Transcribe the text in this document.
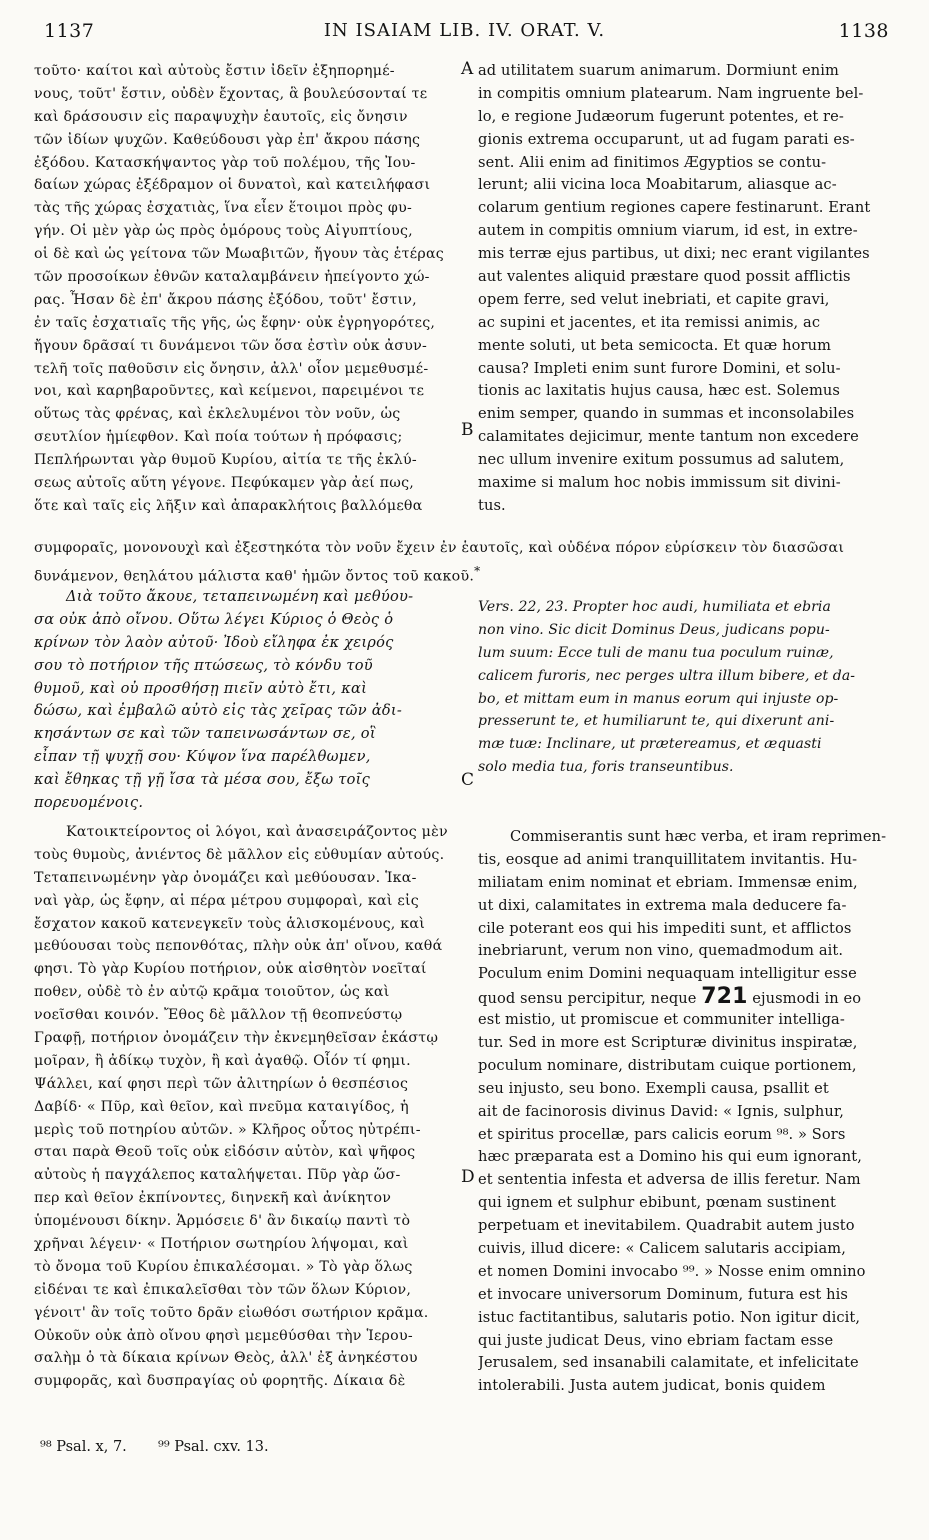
1137	IN ISAIAM LIB. IV. ORAT. V.	1138
A
B
C
D
τοῦτο· καίτοι καὶ αὐτοὺς ἔστιν ἰδεῖν ἐξηπορημέ-
νους, τοῦτ' ἔστιν, οὐδὲν ἔχοντας, ἃ βουλεύσονταί τε
καὶ δράσουσιν εἰς παραψυχὴν ἑαυτοῖς, εἰς ὄνησιν
τῶν ἰδίων ψυχῶν. Καθεύδουσι γὰρ ἐπ' ἄκρου πάσης
ἐξόδου. Κατασκήψαντος γὰρ τοῦ πολέμου, τῆς Ἰου-
δαίων χώρας ἐξέδραμον οἱ δυνατοὶ, καὶ κατειλήφασι
τὰς τῆς χώρας ἐσχατιὰς, ἵνα εἶεν ἕτοιμοι πρὸς φυ-
γήν. Οἱ μὲν γὰρ ὡς πρὸς ὁμόρους τοὺς Αἰγυπτίους,
οἱ δὲ καὶ ὡς γείτονα τῶν Μωαβιτῶν, ἤγουν τὰς ἑτέρας
τῶν προσοίκων ἐθνῶν καταλαμβάνειν ἠπείγοντο χώ-
ρας. Ἦσαν δὲ ἐπ' ἄκρου πάσης ἐξόδου, τοῦτ' ἔστιν,
ἐν ταῖς ἐσχατιαῖς τῆς γῆς, ὡς ἔφην· οὐκ ἐγρηγορότες,
ἤγουν δρᾶσαί τι δυνάμενοι τῶν ὅσα ἐστὶν οὐκ ἀσυν-
τελῆ τοῖς παθοῦσιν εἰς ὄνησιν, ἀλλ' οἷον μεμεθυσμέ-
νοι, καὶ καρηβαροῦντες, καὶ κείμενοι, παρειμένοι τε
οὕτως τὰς φρένας, καὶ ἐκλελυμένοι τὸν νοῦν, ὡς
σευτλίον ἡμίεφθον. Καὶ ποία τούτων ἡ πρόφασις;
Πεπλήρωνται γὰρ θυμοῦ Κυρίου, αἰτία τε τῆς ἐκλύ-
σεως αὐτοῖς αὕτη γέγονε. Πεφύκαμεν γὰρ ἀεί πως,
ὅτε καὶ ταῖς εἰς λῆξιν καὶ ἀπαρακλήτοις βαλλόμεθα
ad utilitatem suarum animarum. Dormiunt enim
in compitis omnium platearum. Nam ingruente bel-
lo, e regione Judæorum fugerunt potentes, et re-
gionis extrema occuparunt, ut ad fugam parati es-
sent. Alii enim ad finitimos Ægyptios se contu-
lerunt; alii vicina loca Moabitarum, aliasque ac-
colarum gentium regiones capere festinarunt. Erant
autem in compitis omnium viarum, id est, in extre-
mis terræ ejus partibus, ut dixi; nec erant vigilantes
aut valentes aliquid præstare quod possit afflictis
opem ferre, sed velut inebriati, et capite gravi,
ac supini et jacentes, et ita remissi animis, ac
mente soluti, ut beta semicocta. Et quæ horum
causa? Impleti enim sunt furore Domini, et solu-
tionis ac laxitatis hujus causa, hæc est. Solemus
enim semper, quando in summas et inconsolabiles
calamitates dejicimur, mente tantum non excedere
nec ullum invenire exitum possumus ad salutem,
maxime si malum hoc nobis immissum sit divini-
tus.
συμφοραῖς, μονονουχὶ καὶ ἐξεστηκότα τὸν νοῦν ἔχειν ἐν ἑαυτοῖς, καὶ οὐδένα πόρον εὑρίσκειν τὸν διασῶσαι
δυνάμενον, θεηλάτου μάλιστα καθ' ἡμῶν ὄντος τοῦ κακοῦ.*
Διὰ τοῦτο ἄκουε, τεταπεινωμένη καὶ μεθύου-
σα οὐκ ἀπὸ οἴνου. Οὕτω λέγει Κύριος ὁ Θεὸς ὁ
κρίνων τὸν λαὸν αὐτοῦ· Ἰδοὺ εἴληφα ἐκ χειρός
σου τὸ ποτήριον τῆς πτώσεως, τὸ κόνδυ τοῦ
θυμοῦ, καὶ οὐ προσθήσῃ πιεῖν αὐτὸ ἔτι, καὶ
δώσω, καὶ ἐμβαλῶ αὐτὸ εἰς τὰς χεῖρας τῶν ἀδι-
κησάντων σε καὶ τῶν ταπεινωσάντων σε, οἳ
εἶπαν τῇ ψυχῇ σου· Κύψον ἵνα παρέλθωμεν,
καὶ ἔθηκας τῇ γῇ ἴσα τὰ μέσα σου, ἔξω τοῖς
πορευομένοις.
Vers. 22, 23. Propter hoc audi, humiliata et ebria
non vino. Sic dicit Dominus Deus, judicans popu-
lum suum: Ecce tuli de manu tua poculum ruinæ,
calicem furoris, nec perges ultra illum bibere, et da-
bo, et mittam eum in manus eorum qui injuste op-
presserunt te, et humiliarunt te, qui dixerunt ani-
mæ tuæ: Inclinare, ut prætereamus, et æquasti
solo media tua, foris transeuntibus.
Κατοικτείροντος οἱ λόγοι, καὶ ἀνασειράζοντος μὲν
τοὺς θυμοὺς, ἀνιέντος δὲ μᾶλλον εἰς εὐθυμίαν αὐτούς.
Τεταπεινωμένην γὰρ ὀνομάζει καὶ μεθύουσαν. Ἱκα-
ναὶ γὰρ, ὡς ἔφην, αἱ πέρα μέτρου συμφοραὶ, καὶ εἰς
ἔσχατον κακοῦ κατενεγκεῖν τοὺς ἁλισκομένους, καὶ
μεθύουσαι τοὺς πεπονθότας, πλὴν οὐκ ἀπ' οἴνου, καθά
φησι. Τὸ γὰρ Κυρίου ποτήριον, οὐκ αἰσθητὸν νοεῖταί
ποθεν, οὐδὲ τὸ ἐν αὐτῷ κρᾶμα τοιοῦτον, ὡς καὶ
νοεῖσθαι κοινόν. Ἔθος δὲ μᾶλλον τῇ θεοπνεύστῳ
Γραφῇ, ποτήριον ὀνομάζειν τὴν ἐκνεμηθεῖσαν ἑκάστῳ
μοῖραν, ἢ ἀδίκῳ τυχὸν, ἢ καὶ ἀγαθῷ. Οἷόν τί φημι.
Ψάλλει, καί φησι περὶ τῶν ἀλιτηρίων ὁ θεσπέσιος
Δαβίδ· « Πῦρ, καὶ θεῖον, καὶ πνεῦμα καταιγίδος, ἡ
μερὶς τοῦ ποτηρίου αὐτῶν. » Κλῆρος οὗτος ηὐτρέπι-
σται παρὰ Θεοῦ τοῖς οὐκ εἰδόσιν αὐτὸν, καὶ ψῆφος
αὐτοὺς ἡ παγχάλεπος καταλήψεται. Πῦρ γὰρ ὥσ-
περ καὶ θεῖον ἐκπίνοντες, διηνεκῆ καὶ ἀνίκητον
ὑπομένουσι δίκην. Ἁρμόσειε δ' ἂν δικαίῳ παντὶ τὸ
χρῆναι λέγειν· « Ποτήριον σωτηρίου λήψομαι, καὶ
τὸ ὄνομα τοῦ Κυρίου ἐπικαλέσομαι. » Τὸ γὰρ ὅλως
εἰδέναι τε καὶ ἐπικαλεῖσθαι τὸν τῶν ὅλων Κύριον,
γένοιτ' ἂν τοῖς τοῦτο δρᾶν εἰωθόσι σωτήριον κρᾶμα.
Οὐκοῦν οὐκ ἀπὸ οἴνου φησὶ μεμεθύσθαι τὴν Ἱερου-
σαλὴμ ὁ τὰ δίκαια κρίνων Θεὸς, ἀλλ' ἐξ ἀνηκέστου
συμφορᾶς, καὶ δυσπραγίας οὐ φορητῆς. Δίκαια δὲ
Commiserantis sunt hæc verba, et iram reprimen-
tis, eosque ad animi tranquillitatem invitantis. Hu-
miliatam enim nominat et ebriam. Immensæ enim,
ut dixi, calamitates in extrema mala deducere fa-
cile poterant eos qui his impediti sunt, et afflictos
inebriarunt, verum non vino, quemadmodum ait.
Poculum enim Domini nequaquam intelligitur esse
quod sensu percipitur, neque 721 ejusmodi in eo
est mistio, ut promiscue et communiter intelliga-
tur. Sed in more est Scripturæ divinitus inspiratæ,
poculum nominare, distributam cuique portionem,
seu injusto, seu bono. Exempli causa, psallit et
ait de facinorosis divinus David: « Ignis, sulphur,
et spiritus procellæ, pars calicis eorum ⁹⁸. » Sors
hæc præparata est a Domino his qui eum ignorant,
et sententia infesta et adversa de illis feretur. Nam
qui ignem et sulphur ebibunt, pœnam sustinent
perpetuam et inevitabilem. Quadrabit autem justo
cuivis, illud dicere: « Calicem salutaris accipiam,
et nomen Domini invocabo ⁹⁹. » Nosse enim omnino
et invocare universorum Dominum, futura est his
istuc factitantibus, salutaris potio. Non igitur dicit,
qui juste judicat Deus, vino ebriam factam esse
Jerusalem, sed insanabili calamitate, et infelicitate
intolerabili. Justa autem judicat, bonis quidem
⁹⁸ Psal. x, 7. ⁹⁹ Psal. cxv. 13.
